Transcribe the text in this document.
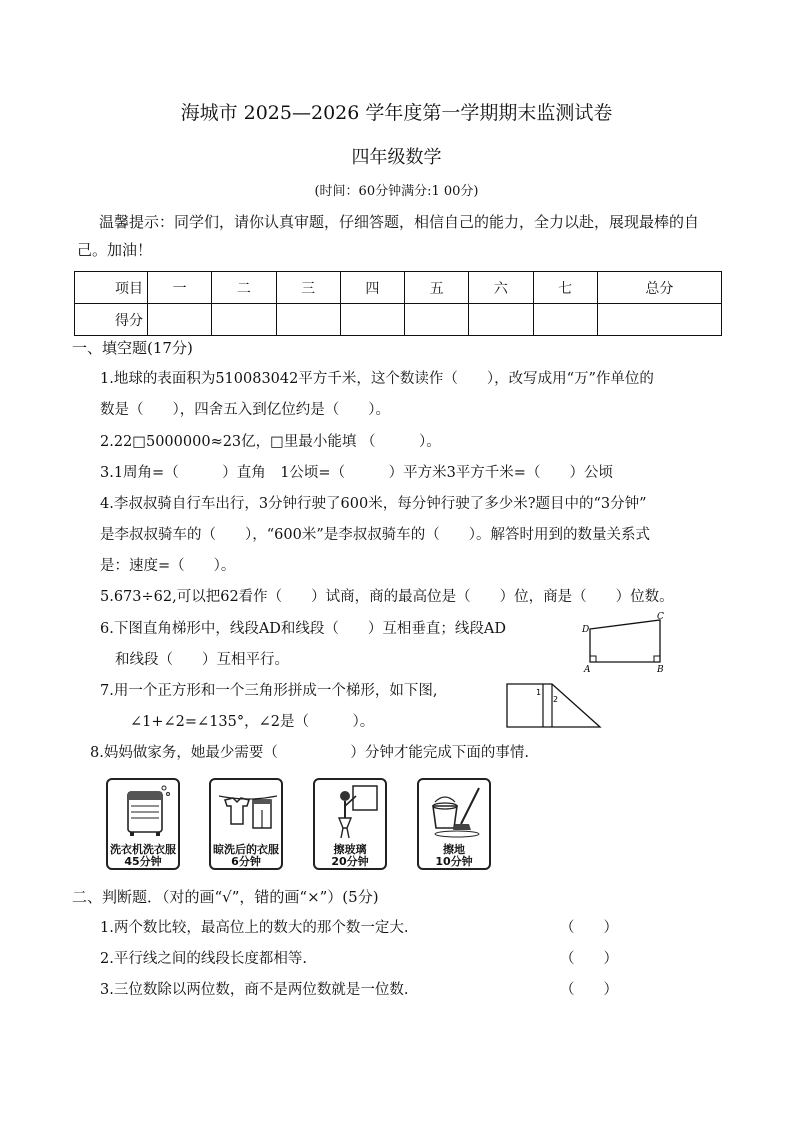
海城市 2025—2026 学年度第一学期期末监测试卷
四年级数学
(时间：60分钟满分:1 00分)
温馨提示：同学们，请你认真审题，仔细答题，相信自己的能力，全力以赴，展现最棒的自己。加油！
项目	一	二	三	四	五	六	七	总分
得分								
一、填空题(17分)
1.地球的表面积为510083042平方千米，这个数读作（　　），改写成用“万”作单位的
数是（　　），四舍五入到亿位约是（　　）。
2.22□5000000≈23亿，□里最小能填 （　　　）。
3.1周角=（　　　）直角　1公顷=（　　　）平方米3平方千米=（　　）公顷
4.李叔叔骑自行车出行，3分钟行驶了600米，每分钟行驶了多少米?题目中的“3分钟”
是李叔叔骑车的（　　），“600米”是李叔叔骑车的（　　）。解答时用到的数量关系式
是：速度=（　　）。
5.673÷62,可以把62看作（　　）试商，商的最高位是（　　）位，商是（　　）位数。
6.下图直角梯形中，线段AD和线段（　　）互相垂直；线段AD
和线段（　　）互相平行。
D
C
A	B
7.用一个正方形和一个三角形拼成一个梯形，如下图,
∠1+∠2=∠135°，∠2是（　　　）。
1
2
8.妈妈做家务，她最少需要（　　　　　）分钟才能完成下面的事情.
洗衣机洗衣服
45分钟
晾洗后的衣服
6分钟
擦玻璃
20分钟
擦地
10分钟
二、判断题．（对的画“√”，错的画“×”）(5分)
1.两个数比较，最高位上的数大的那个数一定大.	（　　）
2.平行线之间的线段长度都相等.	（　　）
3.三位数除以两位数，商不是两位数就是一位数.	（　　）
